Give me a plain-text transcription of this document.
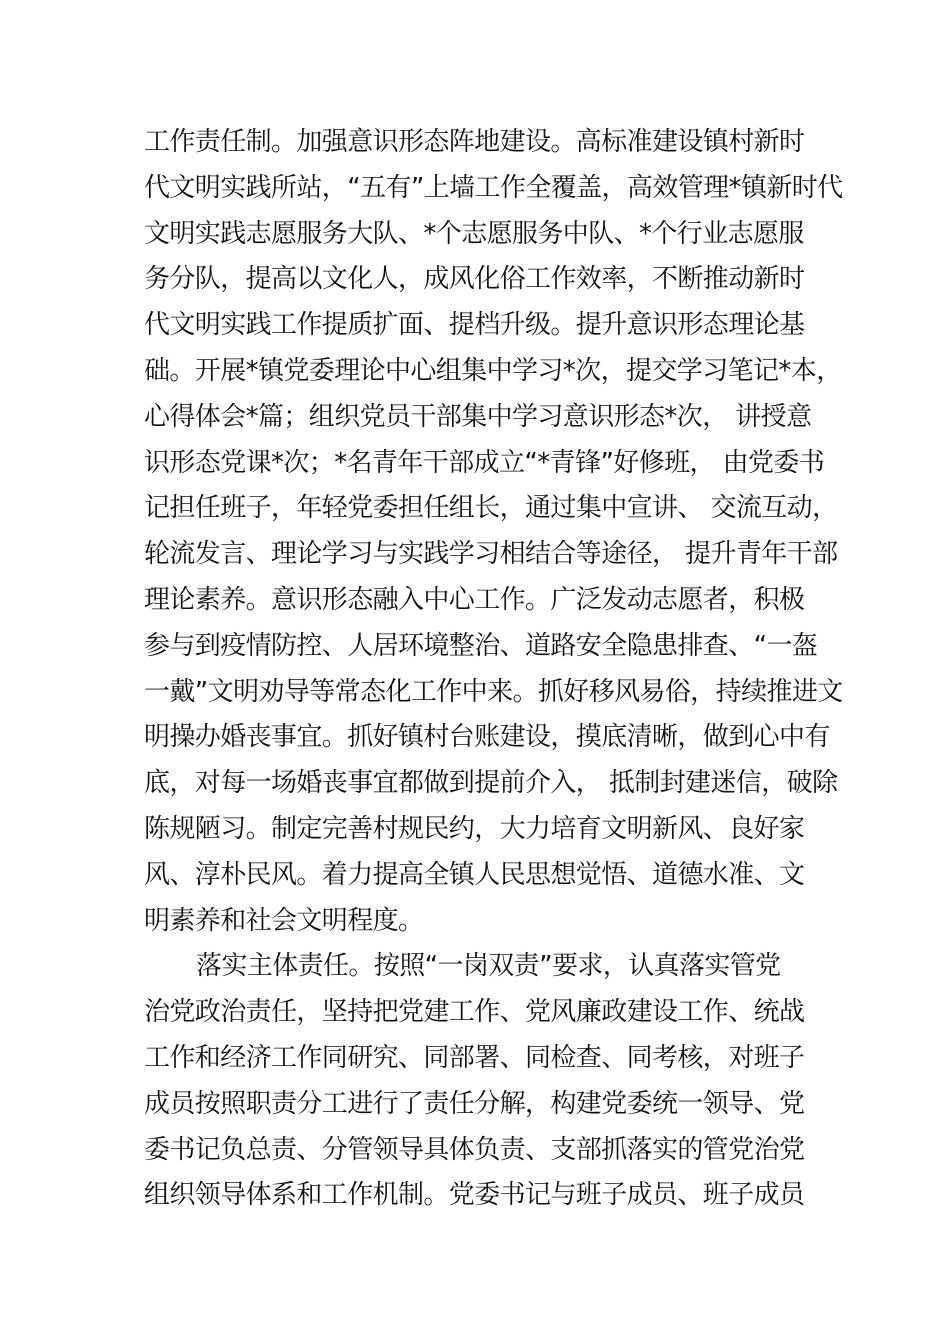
工作责任制。加强意识形态阵地建设。高标准建设镇村新时
代文明实践所站，“五有”上墙工作全覆盖，高效管理*镇新时代
文明实践志愿服务大队、*个志愿服务中队、*个行业志愿服
务分队，提高以文化人，成风化俗工作效率，不断推动新时
代文明实践工作提质扩面、提档升级。提升意识形态理论基
础。开展*镇党委理论中心组集中学习*次，提交学习笔记*本，
心得体会*篇；组织党员干部集中学习意识形态*次， 讲授意
识形态党课*次；*名青年干部成立“*青锋”好修班， 由党委书
记担任班子，年轻党委担任组长，通过集中宣讲、 交流互动，
轮流发言、理论学习与实践学习相结合等途径， 提升青年干部
理论素养。意识形态融入中心工作。广泛发动志愿者，积极
参与到疫情防控、人居环境整治、道路安全隐患排查、“一盔
一戴”文明劝导等常态化工作中来。抓好移风易俗，持续推进文
明操办婚丧事宜。抓好镇村台账建设，摸底清晰，做到心中有
底，对每一场婚丧事宜都做到提前介入， 抵制封建迷信，破除
陈规陋习。制定完善村规民约，大力培育文明新风、良好家
风、淳朴民风。着力提高全镇人民思想觉悟、道德水准、文
明素养和社会文明程度。
落实主体责任。按照“一岗双责”要求，认真落实管党
治党政治责任，坚持把党建工作、党风廉政建设工作、统战
工作和经济工作同研究、同部署、同检查、同考核，对班子
成员按照职责分工进行了责任分解，构建党委统一领导、党
委书记负总责、分管领导具体负责、支部抓落实的管党治党
组织领导体系和工作机制。党委书记与班子成员、班子成员
